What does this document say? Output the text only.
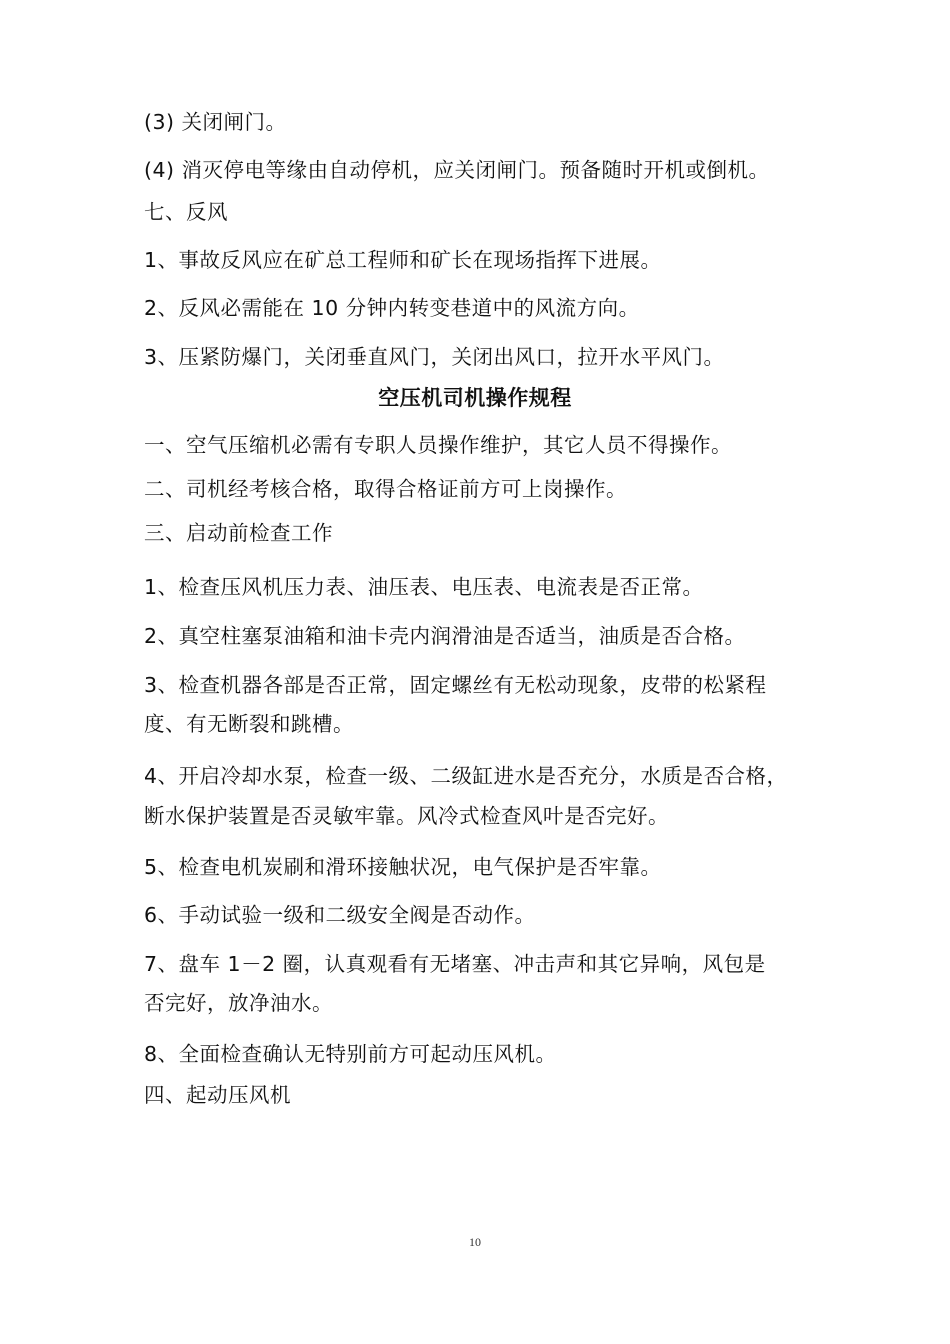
(3) 关闭闸门。
(4) 消灭停电等缘由自动停机，应关闭闸门。预备随时开机或倒机。
七、反风
1、事故反风应在矿总工程师和矿长在现场指挥下进展。
2、反风必需能在 10 分钟内转变巷道中的风流方向。
3、压紧防爆门，关闭垂直风门，关闭出风口，拉开水平风门。
空压机司机操作规程
一、空气压缩机必需有专职人员操作维护，其它人员不得操作。
二、司机经考核合格，取得合格证前方可上岗操作。
三、启动前检查工作
1、检查压风机压力表、油压表、电压表、电流表是否正常。
2、真空柱塞泵油箱和油卡壳内润滑油是否适当，油质是否合格。
3、检查机器各部是否正常，固定螺丝有无松动现象，皮带的松紧程
度、有无断裂和跳槽。
4、开启冷却水泵，检查一级、二级缸进水是否充分，水质是否合格，
断水保护装置是否灵敏牢靠。风冷式检查风叶是否完好。
5、检查电机炭刷和滑环接触状况，电气保护是否牢靠。
6、手动试验一级和二级安全阀是否动作。
7、盘车 1－2 圈，认真观看有无堵塞、冲击声和其它异响，风包是
否完好，放净油水。
8、全面检查确认无特别前方可起动压风机。
四、起动压风机
10
